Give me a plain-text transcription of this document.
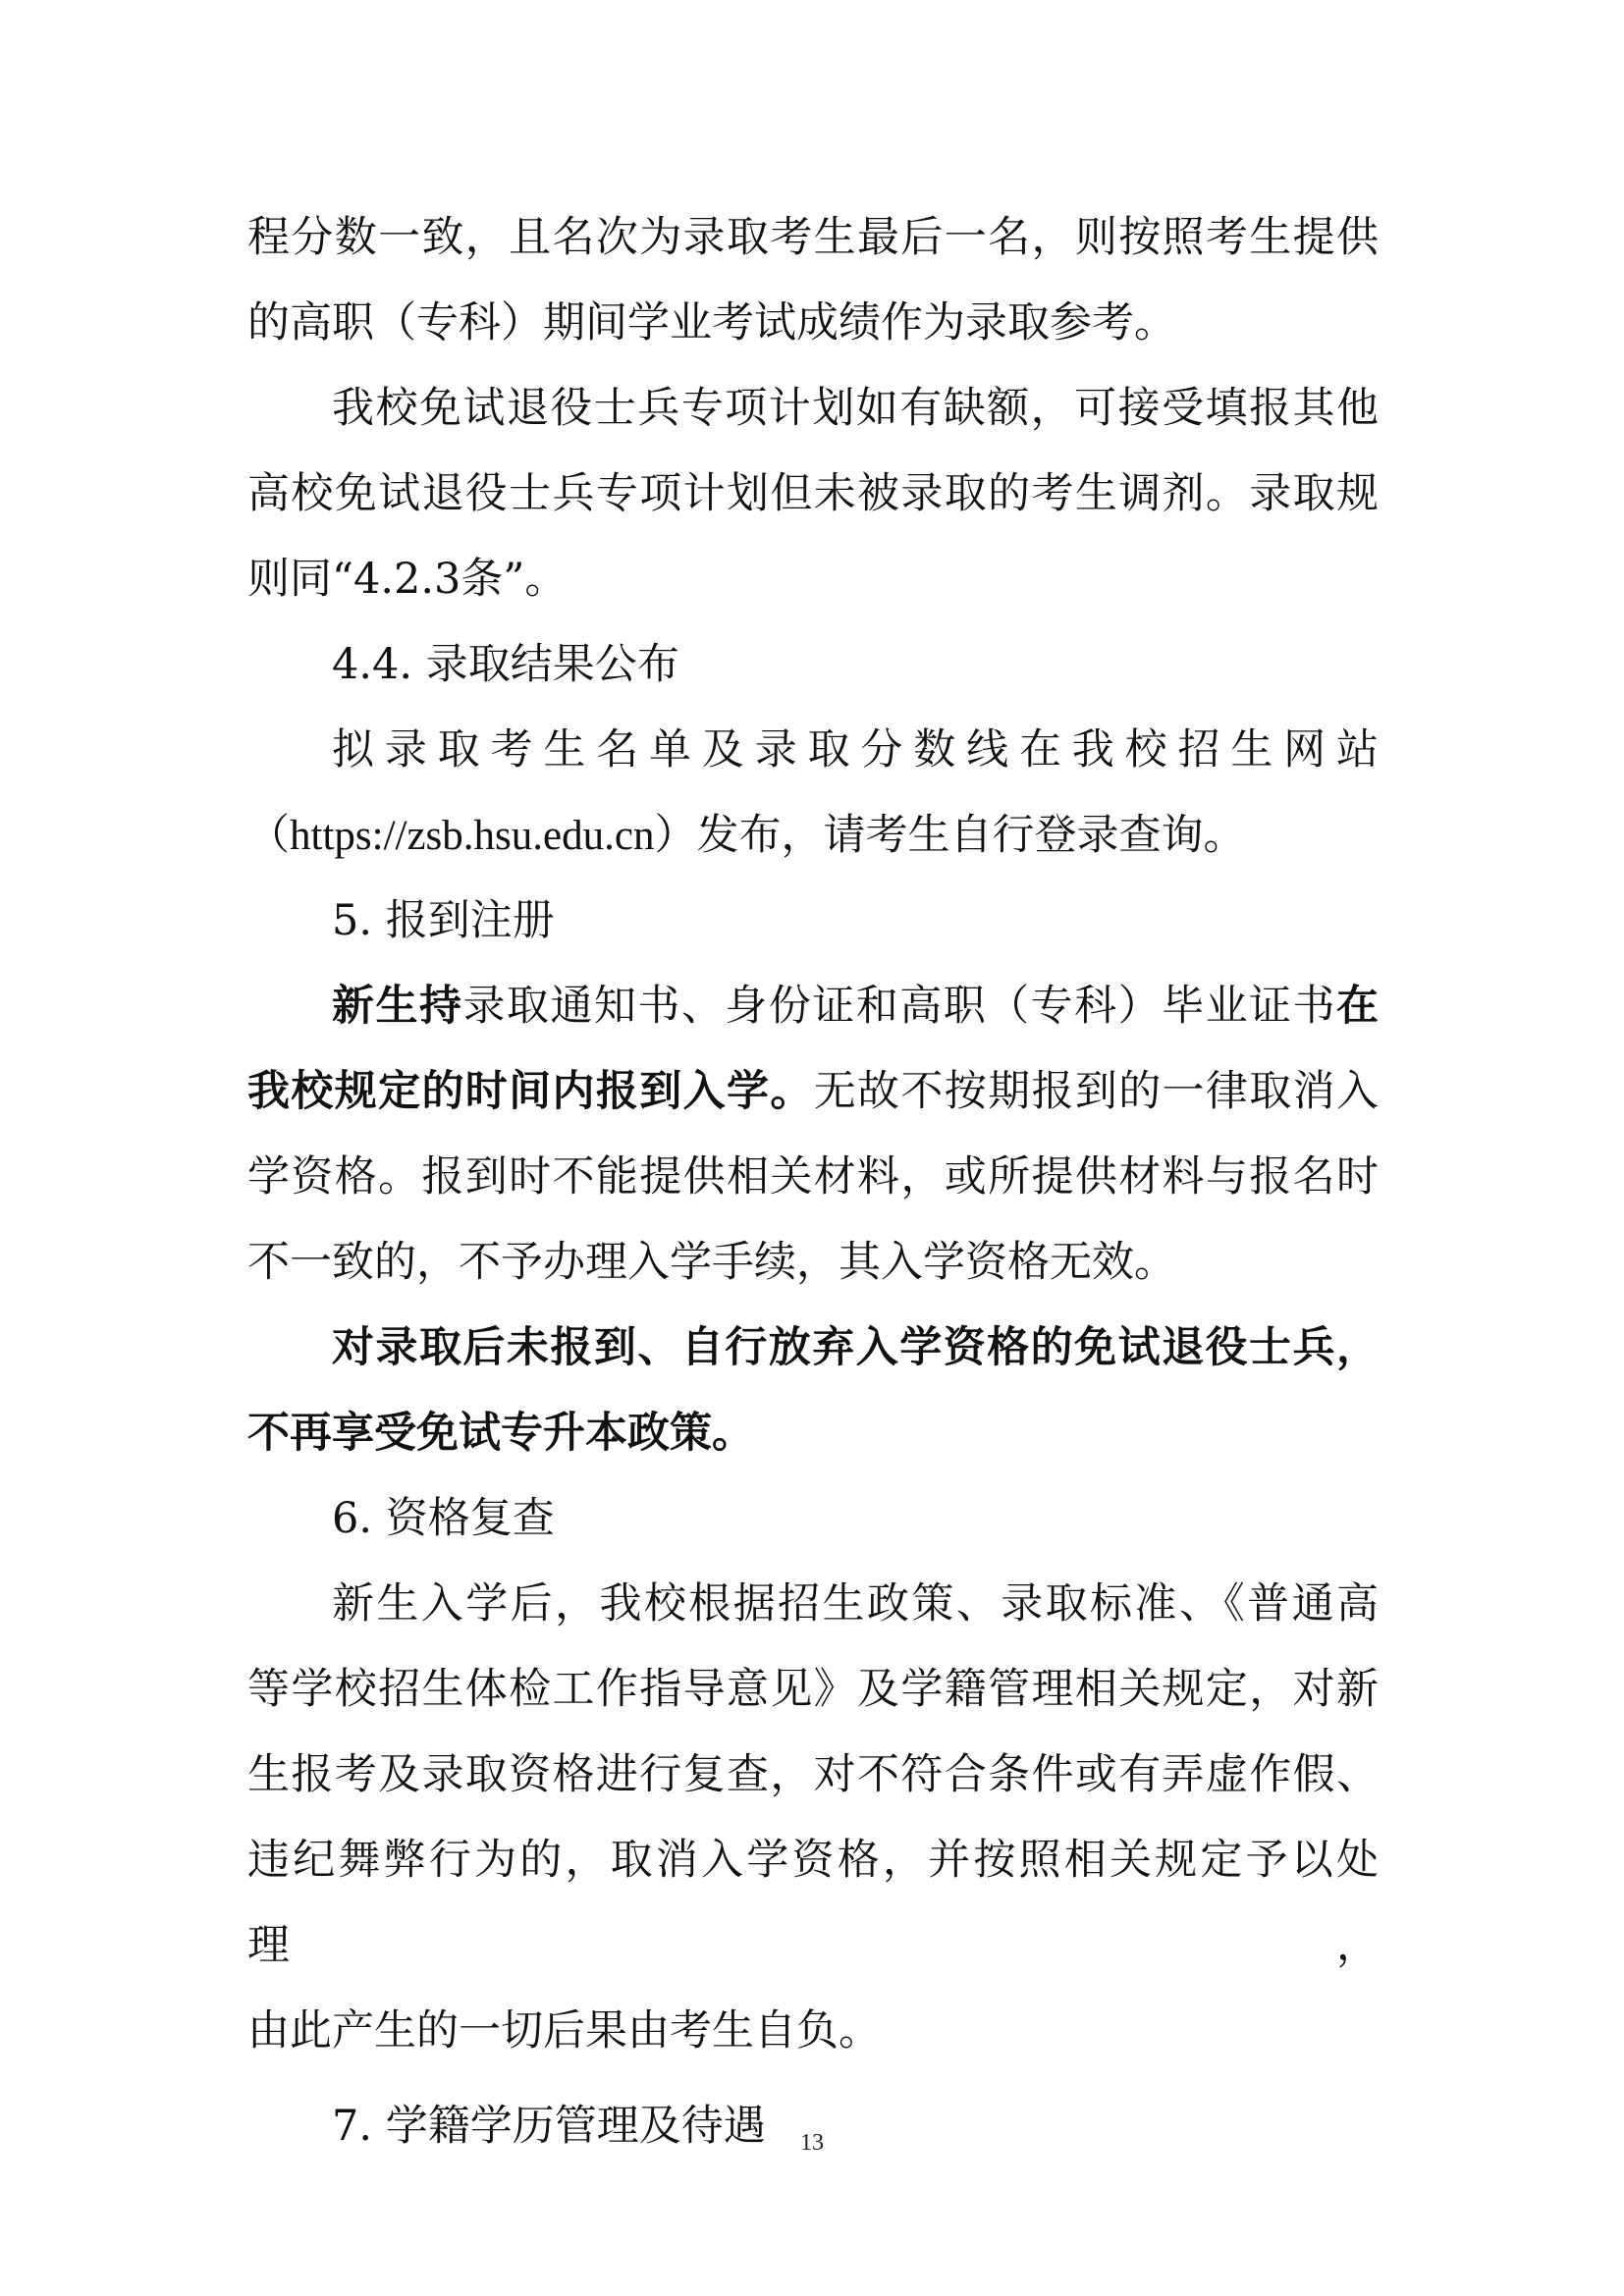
程分数一致，且名次为录取考生最后一名，则按照考生提供
的高职（专科）期间学业考试成绩作为录取参考。
我校免试退役士兵专项计划如有缺额，可接受填报其他
高校免试退役士兵专项计划但未被录取的考生调剂。录取规
则同“4.2.3条”。
4.4. 录取结果公布
拟录取考生名单及录取分数线在我校招生网站
（https://zsb.hsu.edu.cn）发布，请考生自行登录查询。
5. 报到注册
新生持录取通知书、身份证和高职（专科）毕业证书在
我校规定的时间内报到入学。无故不按期报到的一律取消入
学资格。报到时不能提供相关材料，或所提供材料与报名时
不一致的，不予办理入学手续，其入学资格无效。
对录取后未报到、自行放弃入学资格的免试退役士兵，
不再享受免试专升本政策。
6. 资格复查
新生入学后，我校根据招生政策、录取标准、《普通高
等学校招生体检工作指导意见》及学籍管理相关规定，对新
生报考及录取资格进行复查，对不符合条件或有弄虚作假、
违纪舞弊行为的，取消入学资格，并按照相关规定予以处理，
由此产生的一切后果由考生自负。
7. 学籍学历管理及待遇	13
